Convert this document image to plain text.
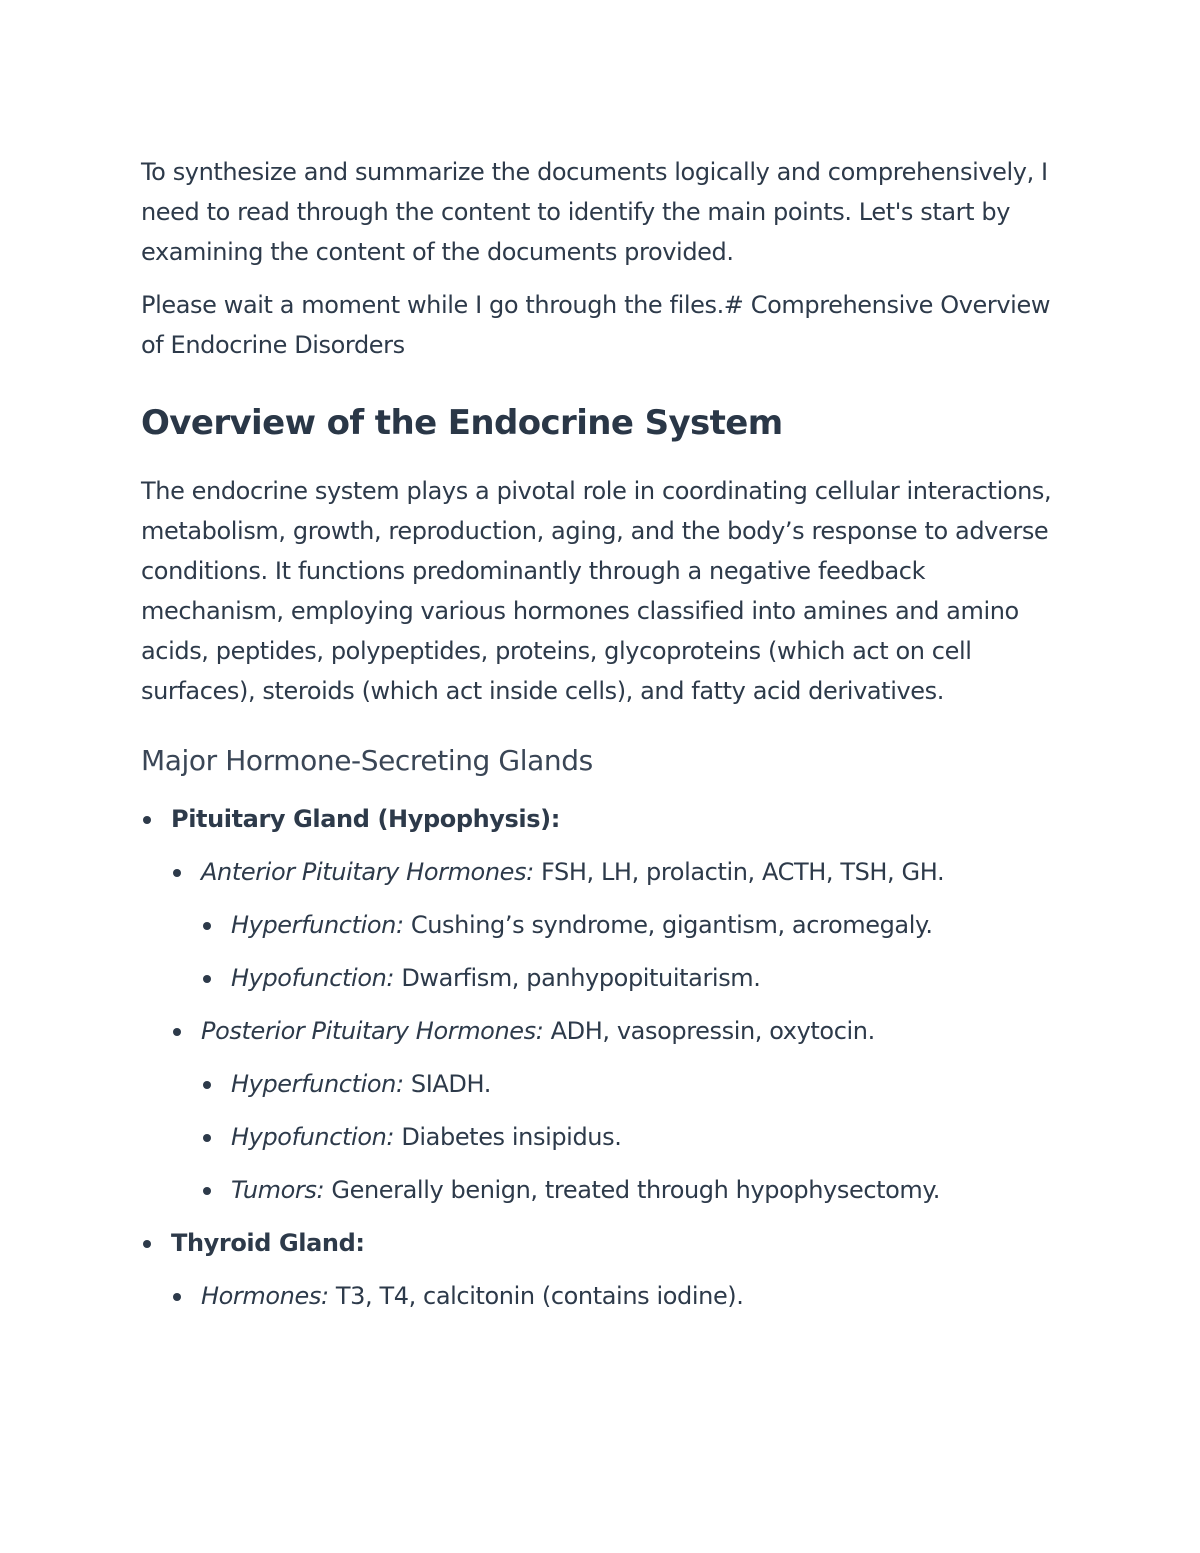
To synthesize and summarize the documents logically and comprehensively, I need to read through the content to identify the main points. Let's start by examining the content of the documents provided.

Please wait a moment while I go through the files.# Comprehensive Overview of Endocrine Disorders

Overview of the Endocrine System

The endocrine system plays a pivotal role in coordinating cellular interactions, metabolism, growth, reproduction, aging, and the body’s response to adverse conditions. It functions predominantly through a negative feedback mechanism, employing various hormones classified into amines and amino acids, peptides, polypeptides, proteins, glycoproteins (which act on cell surfaces), steroids (which act inside cells), and fatty acid derivatives.

Major Hormone-Secreting Glands
Pituitary Gland (Hypophysis):
Anterior Pituitary Hormones: FSH, LH, prolactin, ACTH, TSH, GH.
Hyperfunction: Cushing’s syndrome, gigantism, acromegaly.
Hypofunction: Dwarfism, panhypopituitarism.
Posterior Pituitary Hormones: ADH, vasopressin, oxytocin.
Hyperfunction: SIADH.
Hypofunction: Diabetes insipidus.
Tumors: Generally benign, treated through hypophysectomy.
Thyroid Gland:
Hormones: T3, T4, calcitonin (contains iodine).
